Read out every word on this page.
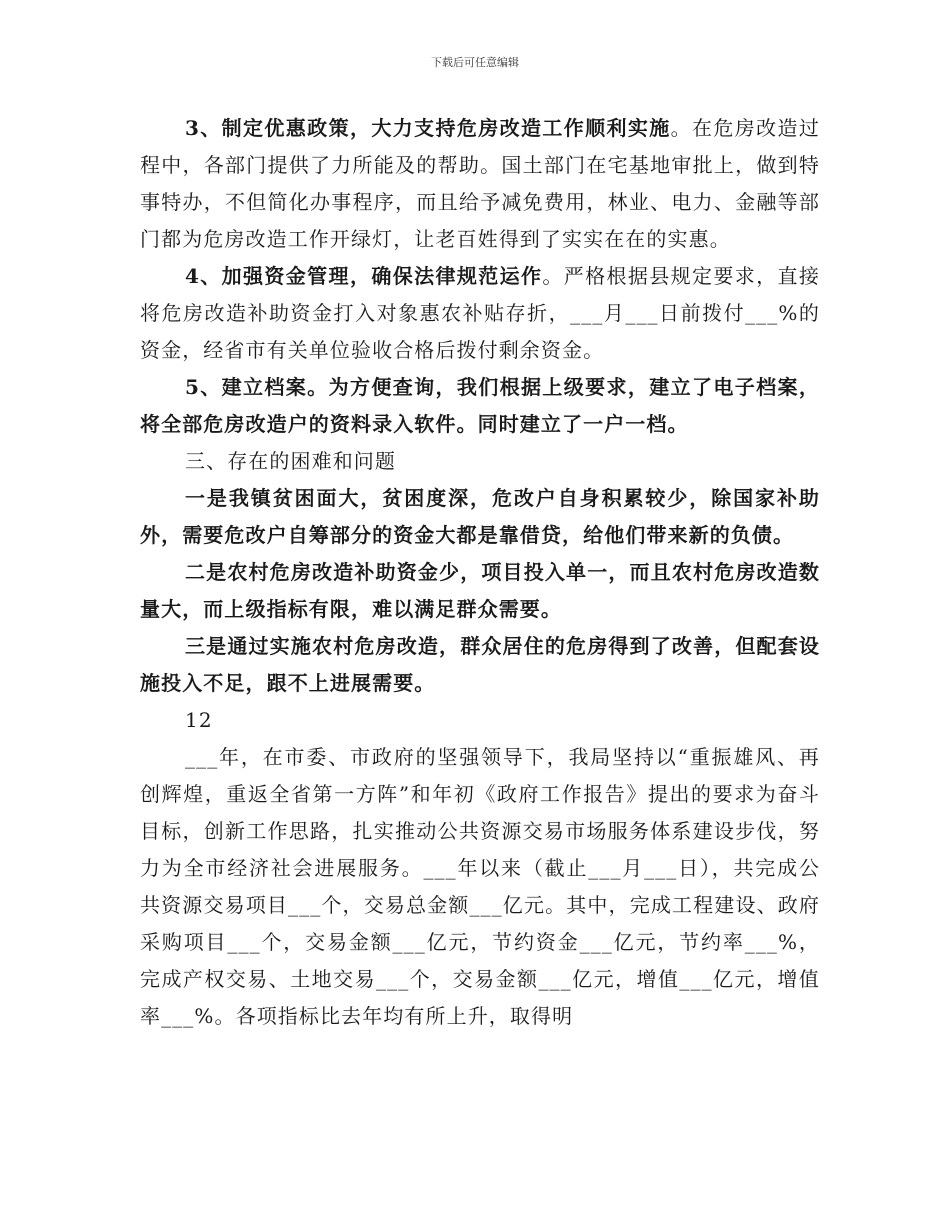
下载后可任意编辑

3、制定优惠政策，大力支持危房改造工作顺利实施。在危房改造过程中，各部门提供了力所能及的帮助。国土部门在宅基地审批上，做到特事特办，不但简化办事程序，而且给予减免费用，林业、电力、金融等部门都为危房改造工作开绿灯，让老百姓得到了实实在在的实惠。

4、加强资金管理，确保法律规范运作。严格根据县规定要求，直接将危房改造补助资金打入对象惠农补贴存折，___月___日前拨付___%的资金，经省市有关单位验收合格后拨付剩余资金。

5、建立档案。为方便查询，我们根据上级要求，建立了电子档案，将全部危房改造户的资料录入软件。同时建立了一户一档。

三、存在的困难和问题

一是我镇贫困面大，贫困度深，危改户自身积累较少，除国家补助外，需要危改户自筹部分的资金大都是靠借贷，给他们带来新的负债。

二是农村危房改造补助资金少，项目投入单一，而且农村危房改造数量大，而上级指标有限，难以满足群众需要。

三是通过实施农村危房改造，群众居住的危房得到了改善，但配套设施投入不足，跟不上进展需要。

12

___年，在市委、市政府的坚强领导下，我局坚持以“重振雄风、再创辉煌，重返全省第一方阵”和年初《政府工作报告》提出的要求为奋斗目标，创新工作思路，扎实推动公共资源交易市场服务体系建设步伐，努力为全市经济社会进展服务。___年以来（截止___月___日），共完成公共资源交易项目___个，交易总金额___亿元。其中，完成工程建设、政府采购项目___个，交易金额___亿元，节约资金___亿元，节约率___%，完成产权交易、土地交易___个，交易金额___亿元，增值___亿元，增值率___%。各项指标比去年均有所上升，取得明
